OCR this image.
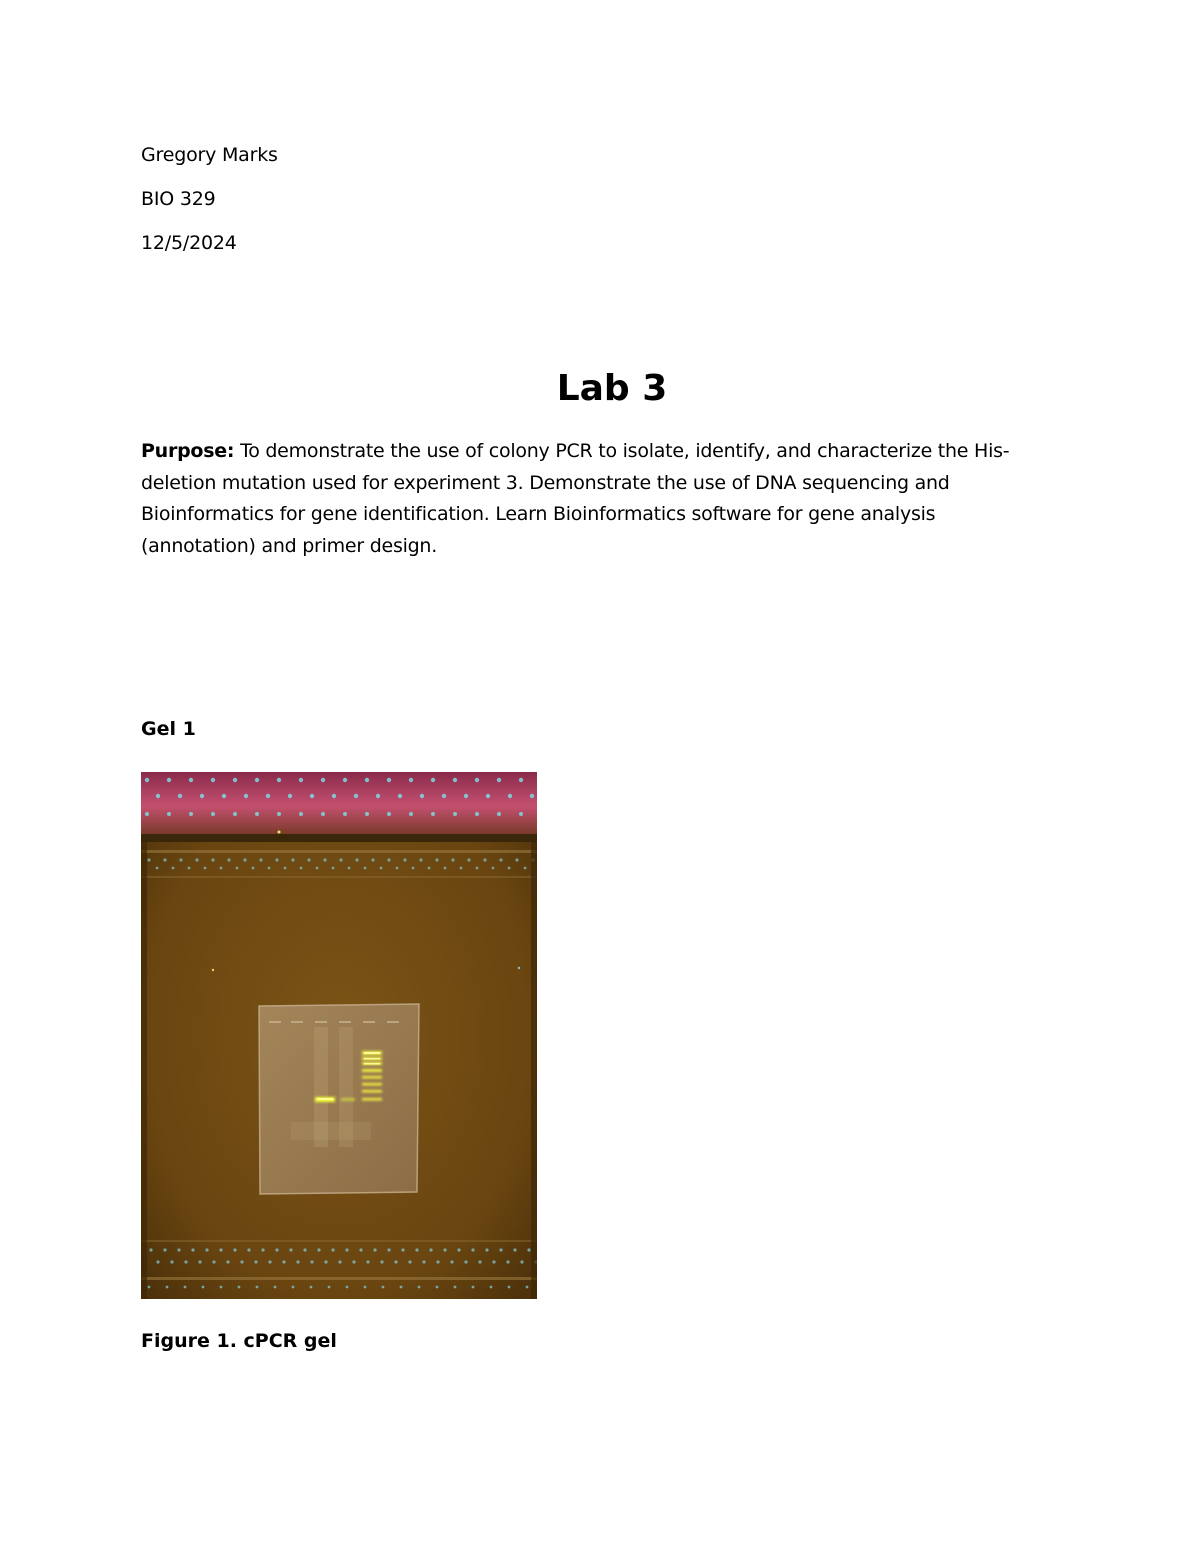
Gregory Marks
BIO 329
12/5/2024
Lab 3
Purpose: To demonstrate the use of colony PCR to isolate, identify, and characterize the His-deletion mutation used for experiment 3. Demonstrate the use of DNA sequencing and Bioinformatics for gene identification. Learn Bioinformatics software for gene analysis (annotation) and primer design.
Gel 1
Figure 1. cPCR gel
